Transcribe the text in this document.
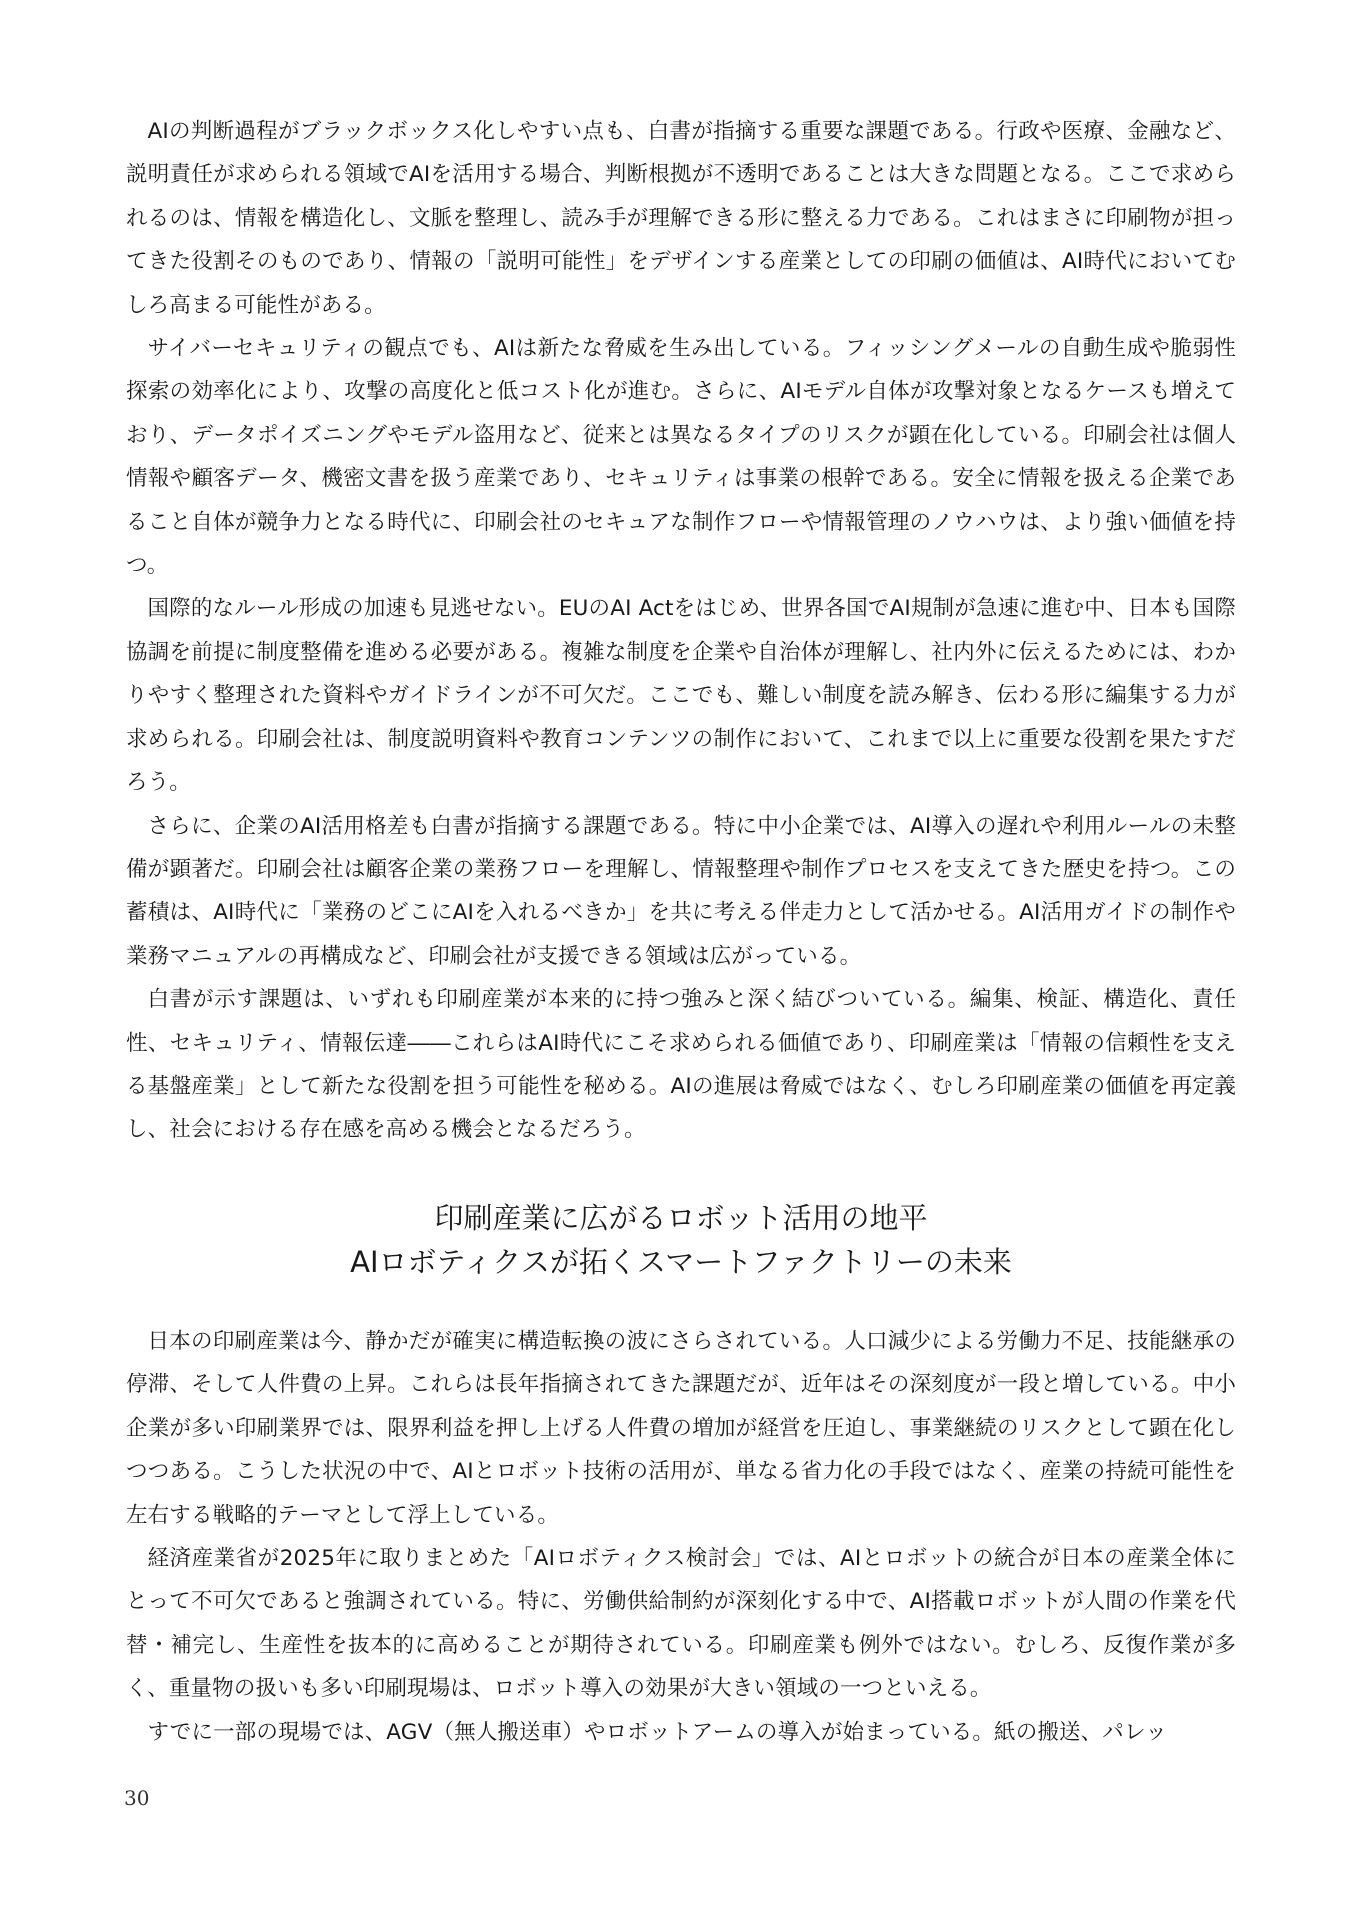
AIの判断過程がブラックボックス化しやすい点も、白書が指摘する重要な課題である。行政や医療、金融など、説明責任が求められる領域でAIを活用する場合、判断根拠が不透明であることは大きな問題となる。ここで求められるのは、情報を構造化し、文脈を整理し、読み手が理解できる形に整える力である。これはまさに印刷物が担ってきた役割そのものであり、情報の「説明可能性」をデザインする産業としての印刷の価値は、AI時代においてむしろ高まる可能性がある。

サイバーセキュリティの観点でも、AIは新たな脅威を生み出している。フィッシングメールの自動生成や脆弱性探索の効率化により、攻撃の高度化と低コスト化が進む。さらに、AIモデル自体が攻撃対象となるケースも増えており、データポイズニングやモデル盗用など、従来とは異なるタイプのリスクが顕在化している。印刷会社は個人情報や顧客データ、機密文書を扱う産業であり、セキュリティは事業の根幹である。安全に情報を扱える企業であること自体が競争力となる時代に、印刷会社のセキュアな制作フローや情報管理のノウハウは、より強い価値を持つ。

国際的なルール形成の加速も見逃せない。EUのAI Actをはじめ、世界各国でAI規制が急速に進む中、日本も国際協調を前提に制度整備を進める必要がある。複雑な制度を企業や自治体が理解し、社内外に伝えるためには、わかりやすく整理された資料やガイドラインが不可欠だ。ここでも、難しい制度を読み解き、伝わる形に編集する力が求められる。印刷会社は、制度説明資料や教育コンテンツの制作において、これまで以上に重要な役割を果たすだろう。

さらに、企業のAI活用格差も白書が指摘する課題である。特に中小企業では、AI導入の遅れや利用ルールの未整備が顕著だ。印刷会社は顧客企業の業務フローを理解し、情報整理や制作プロセスを支えてきた歴史を持つ。この蓄積は、AI時代に「業務のどこにAIを入れるべきか」を共に考える伴走力として活かせる。AI活用ガイドの制作や業務マニュアルの再構成など、印刷会社が支援できる領域は広がっている。

白書が示す課題は、いずれも印刷産業が本来的に持つ強みと深く結びついている。編集、検証、構造化、責任性、セキュリティ、情報伝達――これらはAI時代にこそ求められる価値であり、印刷産業は「情報の信頼性を支える基盤産業」として新たな役割を担う可能性を秘める。AIの進展は脅威ではなく、むしろ印刷産業の価値を再定義し、社会における存在感を高める機会となるだろう。

印刷産業に広がるロボット活用の地平
AIロボティクスが拓くスマートファクトリーの未来

日本の印刷産業は今、静かだが確実に構造転換の波にさらされている。人口減少による労働力不足、技能継承の停滞、そして人件費の上昇。これらは長年指摘されてきた課題だが、近年はその深刻度が一段と増している。中小企業が多い印刷業界では、限界利益を押し上げる人件費の増加が経営を圧迫し、事業継続のリスクとして顕在化しつつある。こうした状況の中で、AIとロボット技術の活用が、単なる省力化の手段ではなく、産業の持続可能性を左右する戦略的テーマとして浮上している。

経済産業省が2025年に取りまとめた「AIロボティクス検討会」では、AIとロボットの統合が日本の産業全体にとって不可欠であると強調されている。特に、労働供給制約が深刻化する中で、AI搭載ロボットが人間の作業を代替・補完し、生産性を抜本的に高めることが期待されている。印刷産業も例外ではない。むしろ、反復作業が多く、重量物の扱いも多い印刷現場は、ロボット導入の効果が大きい領域の一つといえる。

すでに一部の現場では、AGV（無人搬送車）やロボットアームの導入が始まっている。紙の搬送、パレッ

30
